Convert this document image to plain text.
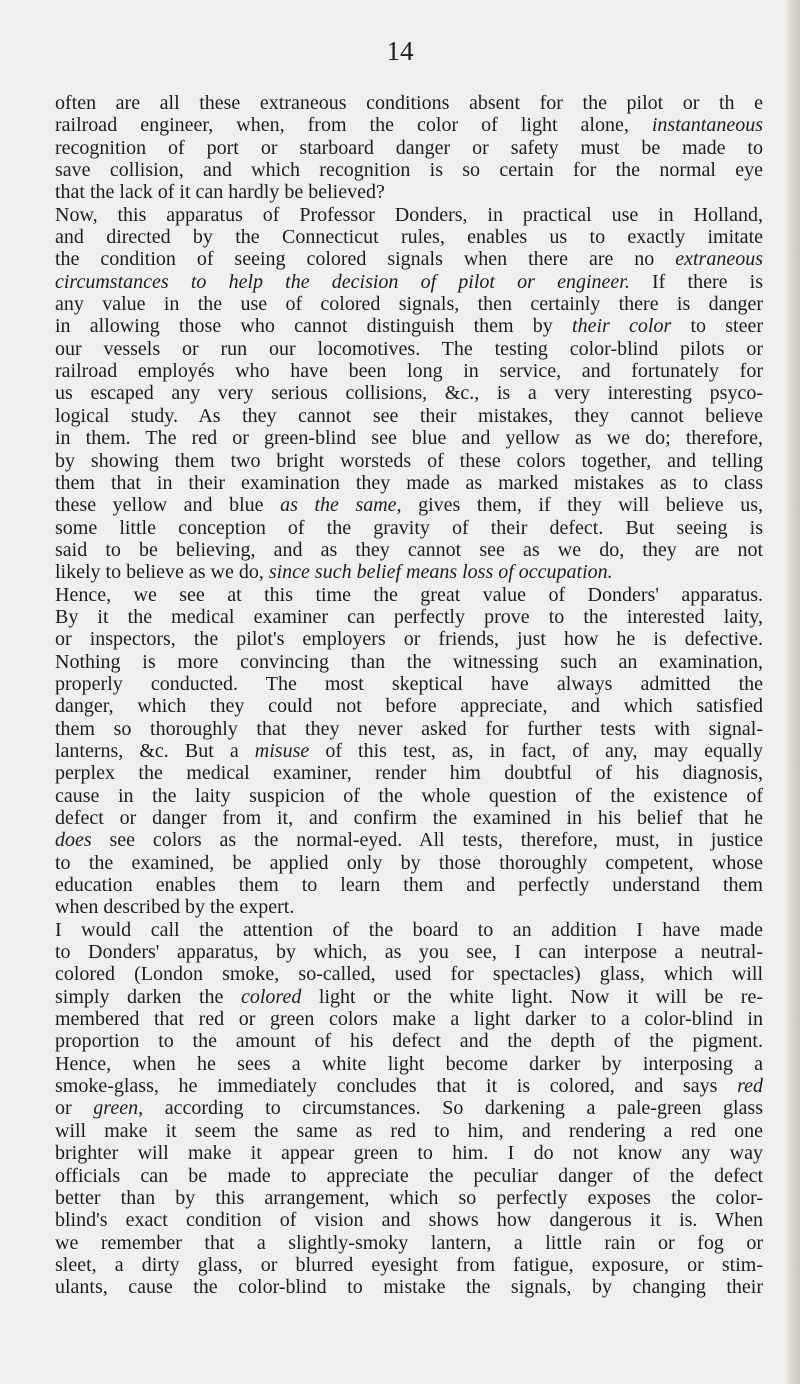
14
often are all these extraneous conditions absent for the pilot or th e
railroad engineer, when, from the color of light alone, instantaneous
recognition of port or starboard danger or safety must be made to
save collision, and which recognition is so certain for the normal eye
that the lack of it can hardly be believed?
Now, this apparatus of Professor Donders, in practical use in Holland,
and directed by the Connecticut rules, enables us to exactly imitate
the condition of seeing colored signals when there are no extraneous
circumstances to help the decision of pilot or engineer. If there is
any value in the use of colored signals, then certainly there is danger
in allowing those who cannot distinguish them by their color to steer
our vessels or run our locomotives. The testing color-blind pilots or
railroad employés who have been long in service, and fortunately for
us escaped any very serious collisions, &c., is a very interesting psyco-
logical study. As they cannot see their mistakes, they cannot believe
in them. The red or green-blind see blue and yellow as we do; therefore,
by showing them two bright worsteds of these colors together, and telling
them that in their examination they made as marked mistakes as to class
these yellow and blue as the same, gives them, if they will believe us,
some little conception of the gravity of their defect. But seeing is
said to be believing, and as they cannot see as we do, they are not
likely to believe as we do, since such belief means loss of occupation.
Hence, we see at this time the great value of Donders' apparatus.
By it the medical examiner can perfectly prove to the interested laity,
or inspectors, the pilot's employers or friends, just how he is defective.
Nothing is more convincing than the witnessing such an examination,
properly conducted. The most skeptical have always admitted the
danger, which they could not before appreciate, and which satisfied
them so thoroughly that they never asked for further tests with signal-
lanterns, &c. But a misuse of this test, as, in fact, of any, may equally
perplex the medical examiner, render him doubtful of his diagnosis,
cause in the laity suspicion of the whole question of the existence of
defect or danger from it, and confirm the examined in his belief that he
does see colors as the normal-eyed. All tests, therefore, must, in justice
to the examined, be applied only by those thoroughly competent, whose
education enables them to learn them and perfectly understand them
when described by the expert.
I would call the attention of the board to an addition I have made
to Donders' apparatus, by which, as you see, I can interpose a neutral-
colored (London smoke, so-called, used for spectacles) glass, which will
simply darken the colored light or the white light. Now it will be re-
membered that red or green colors make a light darker to a color-blind in
proportion to the amount of his defect and the depth of the pigment.
Hence, when he sees a white light become darker by interposing a
smoke-glass, he immediately concludes that it is colored, and says red
or green, according to circumstances. So darkening a pale-green glass
will make it seem the same as red to him, and rendering a red one
brighter will make it appear green to him. I do not know any way
officials can be made to appreciate the peculiar danger of the defect
better than by this arrangement, which so perfectly exposes the color-
blind's exact condition of vision and shows how dangerous it is. When
we remember that a slightly-smoky lantern, a little rain or fog or
sleet, a dirty glass, or blurred eyesight from fatigue, exposure, or stim-
ulants, cause the color-blind to mistake the signals, by changing their
